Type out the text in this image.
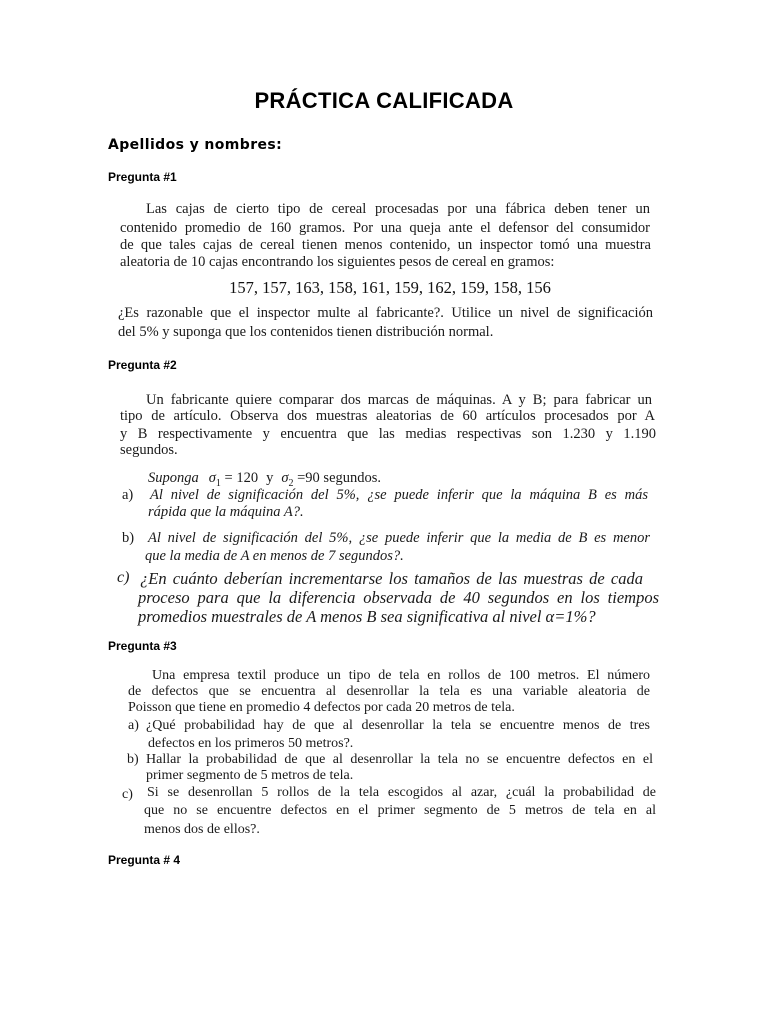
PRÁCTICA CALIFICADA
Apellidos y nombres:
Pregunta #1
Las cajas de cierto tipo de cereal procesadas por una fábrica deben tener un
contenido promedio de 160 gramos. Por una queja ante el defensor del consumidor
de que tales cajas de cereal tienen menos contenido, un inspector tomó una muestra
aleatoria de 10 cajas encontrando los siguientes pesos de cereal en gramos:
157, 157, 163, 158, 161, 159, 162, 159, 158, 156
¿Es razonable que el inspector multe al fabricante?. Utilice un nivel de significación
del 5% y suponga que los contenidos tienen distribución normal.
Pregunta #2
Un fabricante quiere comparar dos marcas de máquinas. A y B; para fabricar un
tipo de artículo. Observa dos muestras aleatorias de 60 artículos procesados por A
y B respectivamente y encuentra que las medias respectivas son 1.230 y 1.190
segundos.
Suponga $\sigma_1 = 120$ y $\sigma_2 =90$ segundos.
a) Al nivel de significación del 5%, ¿se puede inferir que la máquina B es más
rápida que la máquina A?.
b) Al nivel de significación del 5%, ¿se puede inferir que la media de B es menor
que la media de A en menos de 7 segundos?.
c) ¿En cuánto deberían incrementarse los tamaños de las muestras de cada
proceso para que la diferencia observada de 40 segundos en los tiempos
promedios muestrales de A menos B sea significativa al nivel α=1%?
Pregunta #3
Una empresa textil produce un tipo de tela en rollos de 100 metros. El número
de defectos que se encuentra al desenrollar la tela es una variable aleatoria de
Poisson que tiene en promedio 4 defectos por cada 20 metros de tela.
a) ¿Qué probabilidad hay de que al desenrollar la tela se encuentre menos de tres
defectos en los primeros 50 metros?.
b) Hallar la probabilidad de que al desenrollar la tela no se encuentre defectos en el
primer segmento de 5 metros de tela.
c) Si se desenrollan 5 rollos de la tela escogidos al azar, ¿cuál la probabilidad de
que no se encuentre defectos en el primer segmento de 5 metros de tela en al
menos dos de ellos?.
Pregunta # 4
